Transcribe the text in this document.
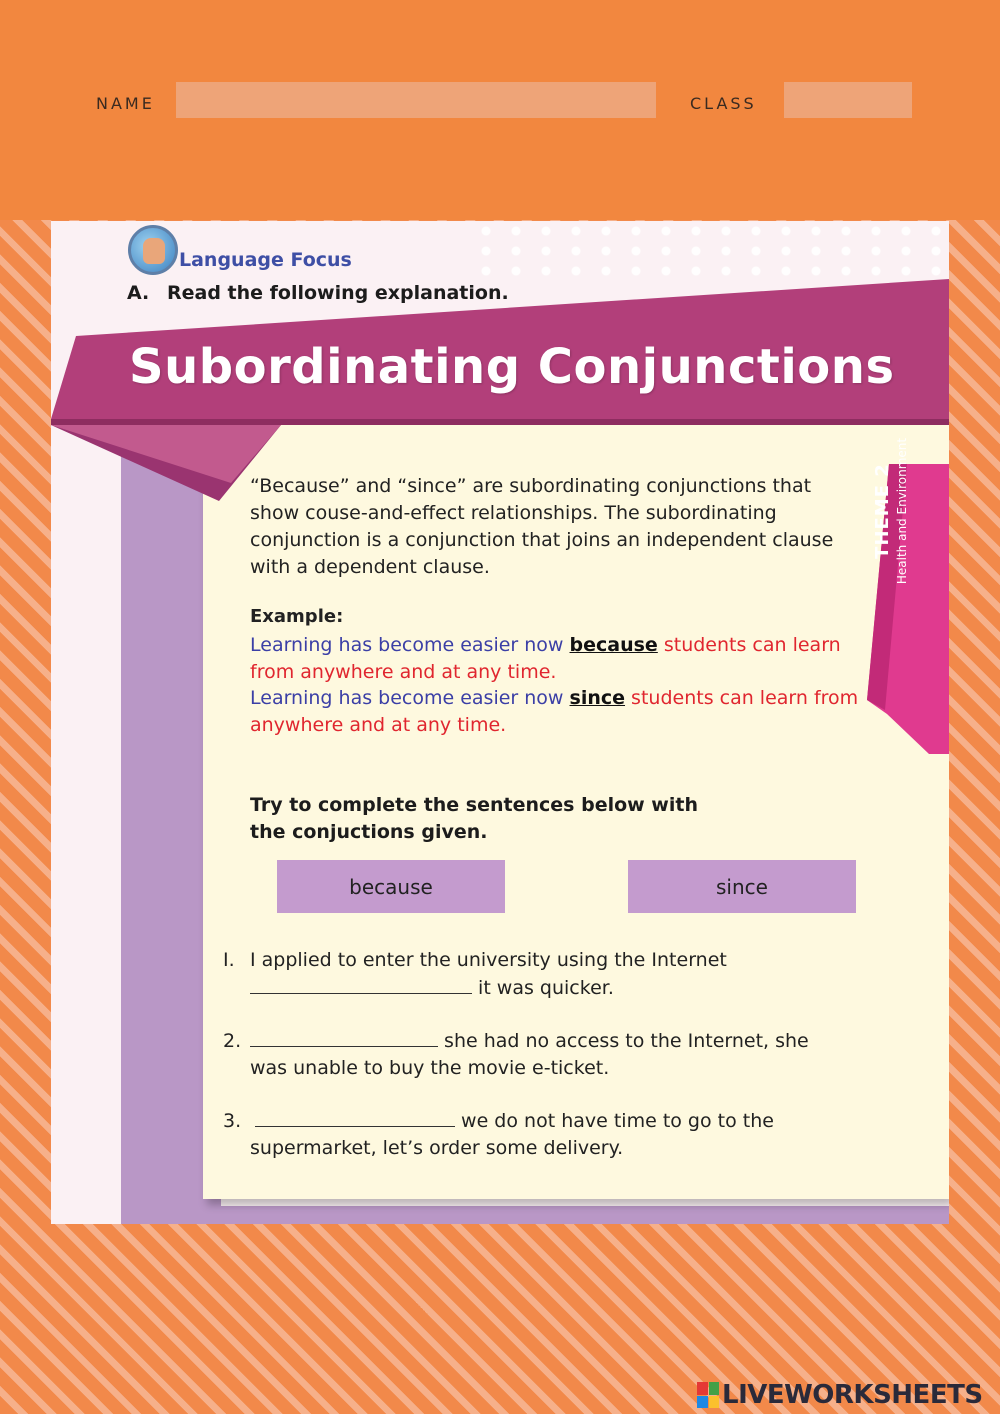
NAME	CLASS
Subordinating Conjunctions
Language Focus
A. Read the following explanation.
THEME 2 Health and Environment

“Because” and “since” are subordinating conjunctions that show couse-and-effect relationships. The subordinating conjunction is a conjunction that joins an independent clause with a dependent clause.

Example:

Learning has become easier now because students can learn from anywhere and at any time.

Learning has become easier now since students can learn from anywhere and at any time.

Try to complete the sentences below with the conjuctions given.

because	since
I. I applied to enter the university using the Internet
it was quicker.
2.	she had no access to the Internet, she
was unable to buy the movie e-ticket.
3.	we do not have time to go to the
supermarket, let’s order some delivery.
LIVEWORKSHEETS
